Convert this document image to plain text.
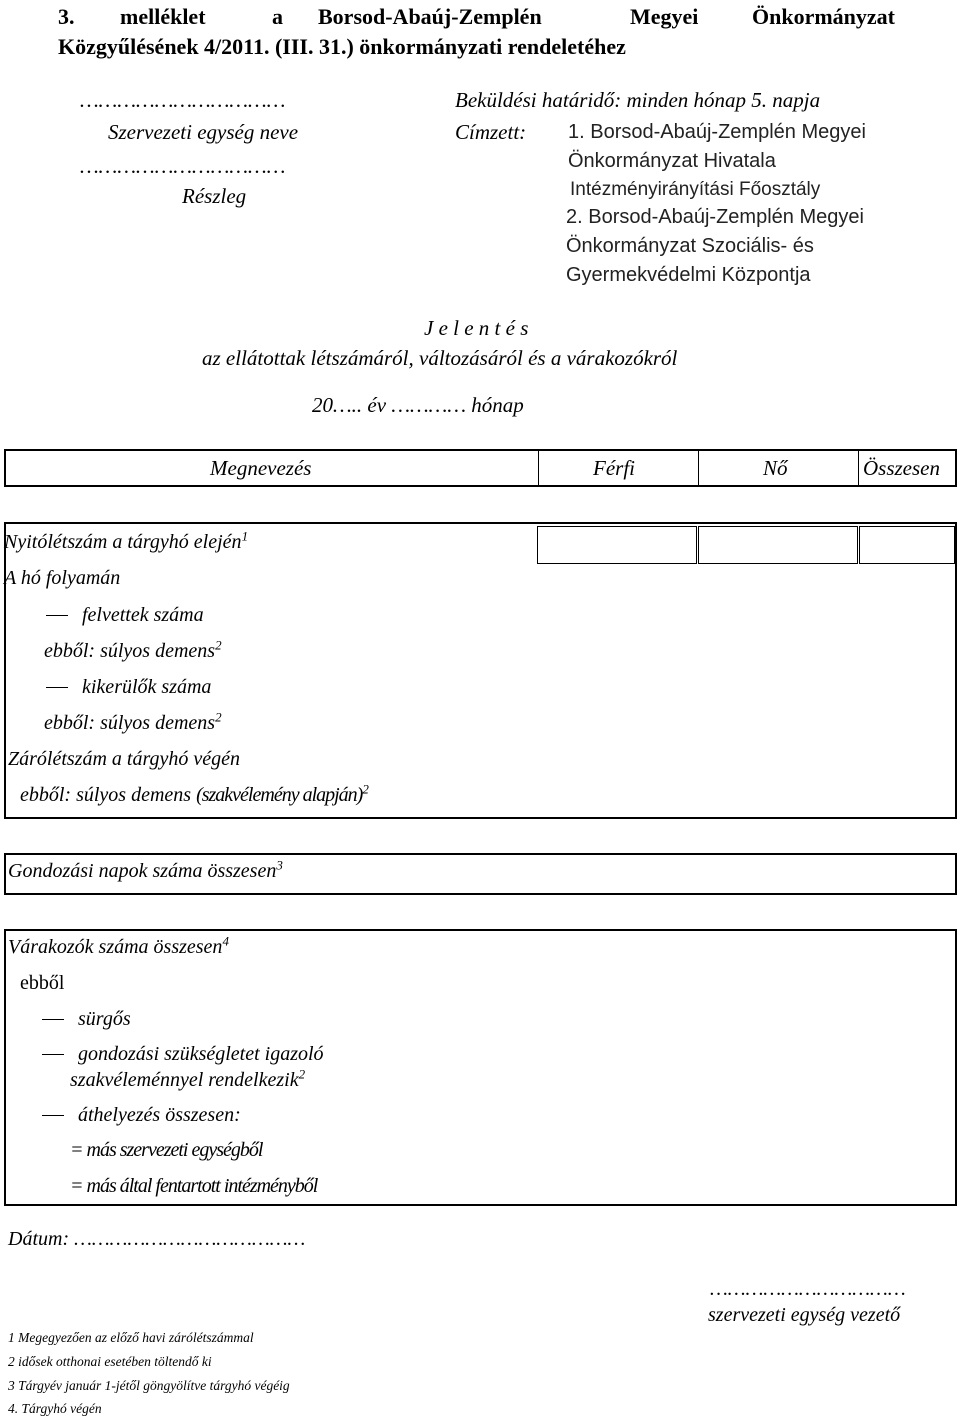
3. melléklet	a Borsod-Abaúj-Zemplén	Megyei Önkormányzat
Közgyűlésének 4/2011. (III. 31.) önkormányzati rendeletéhez
……………………………
Szervezeti egység neve
……………………………
Részleg
Beküldési határidő: minden hónap 5. napja
Címzett: 1. Borsod-Abaúj-Zemplén Megyei
Önkormányzat Hivatala
Intézményirányítási Főosztály
2. Borsod-Abaúj-Zemplén Megyei
Önkormányzat Szociális- és
Gyermekvédelmi Központja
J e l e n t é s
az ellátottak létszámáról, változásáról és a várakozókról
20….. év ………… hónap
Megnevezés	Férfi	Nő	Összesen
Nyitólétszám a tárgyhó elején$^1$
A hó folyamán
felvettek száma
ebből: súlyos demens$^2$
kikerülők száma
ebből: súlyos demens$^2$
Zárólétszám a tárgyhó végén
ebből: súlyos demens (szakvélemény alapján)$^2$
Gondozási napok száma összesen$^3$
Várakozók száma összesen$^4$
ebből
sürgős
gondozási szükségletet igazoló
szakvéleménnyel rendelkezik$^2$
áthelyezés összesen:
= más szervezeti egységből
= más által fentartott intézményből
Dátum: …………………………………
……………………………
szervezeti egység vezető
1 Megegyezően az előző havi zárólétszámmal
2 idősek otthonai esetében töltendő ki
3 Tárgyév január 1-jétől göngyölítve tárgyhó végéig
4. Tárgyhó végén
